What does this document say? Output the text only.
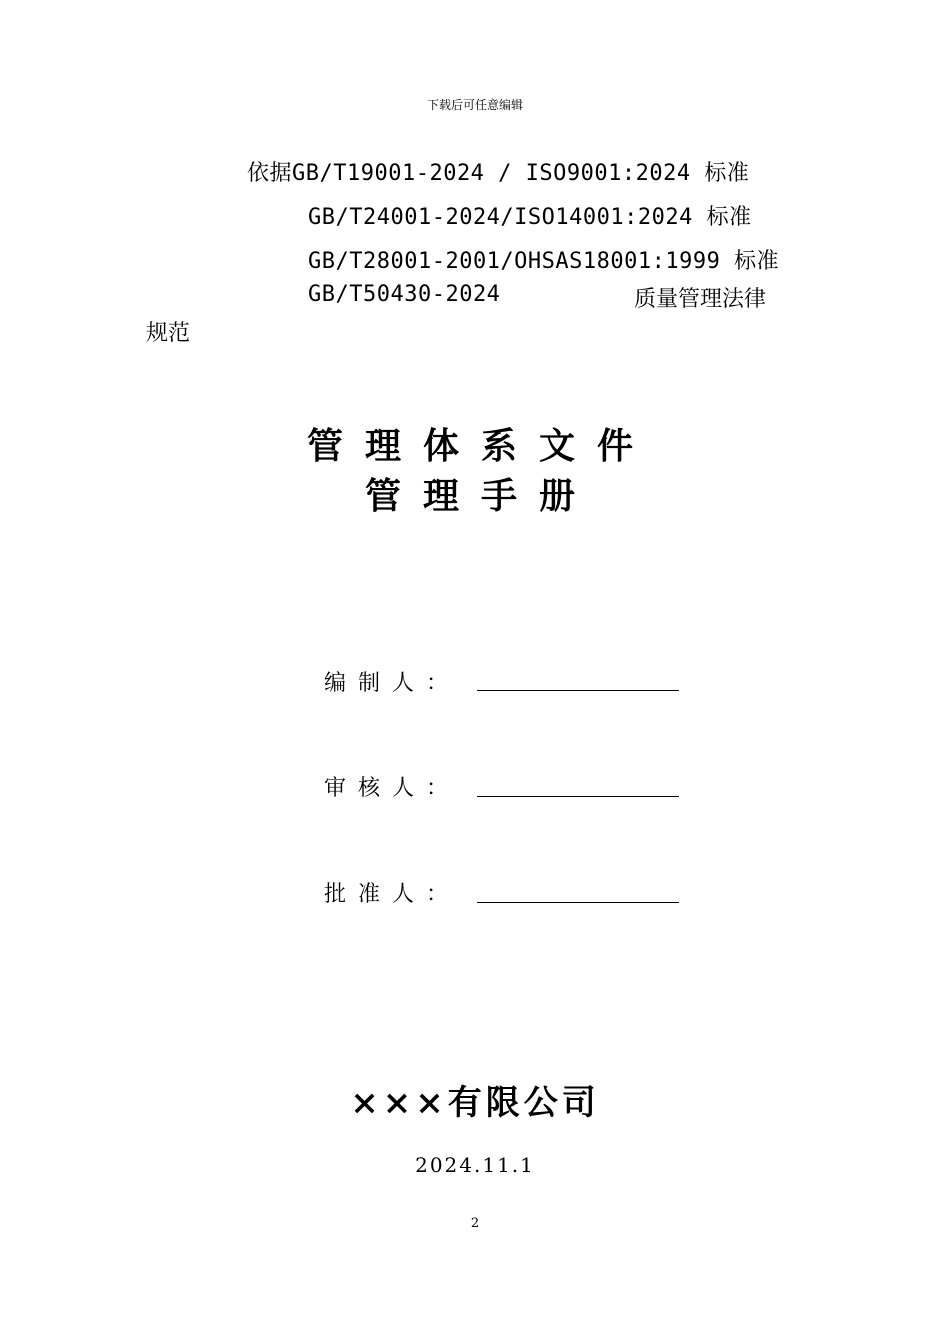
下载后可任意编辑
依据GB/T19001-2024 / ISO9001:2024 标准
GB/T24001-2024/ISO14001:2024 标准
GB/T28001-2001/OHSAS18001:1999 标准
GB/T50430-2024	质量管理法律
规范
管理体系文件
管理手册
编制人：
审核人：
批准人：
×××有限公司
2024.11.1
2
